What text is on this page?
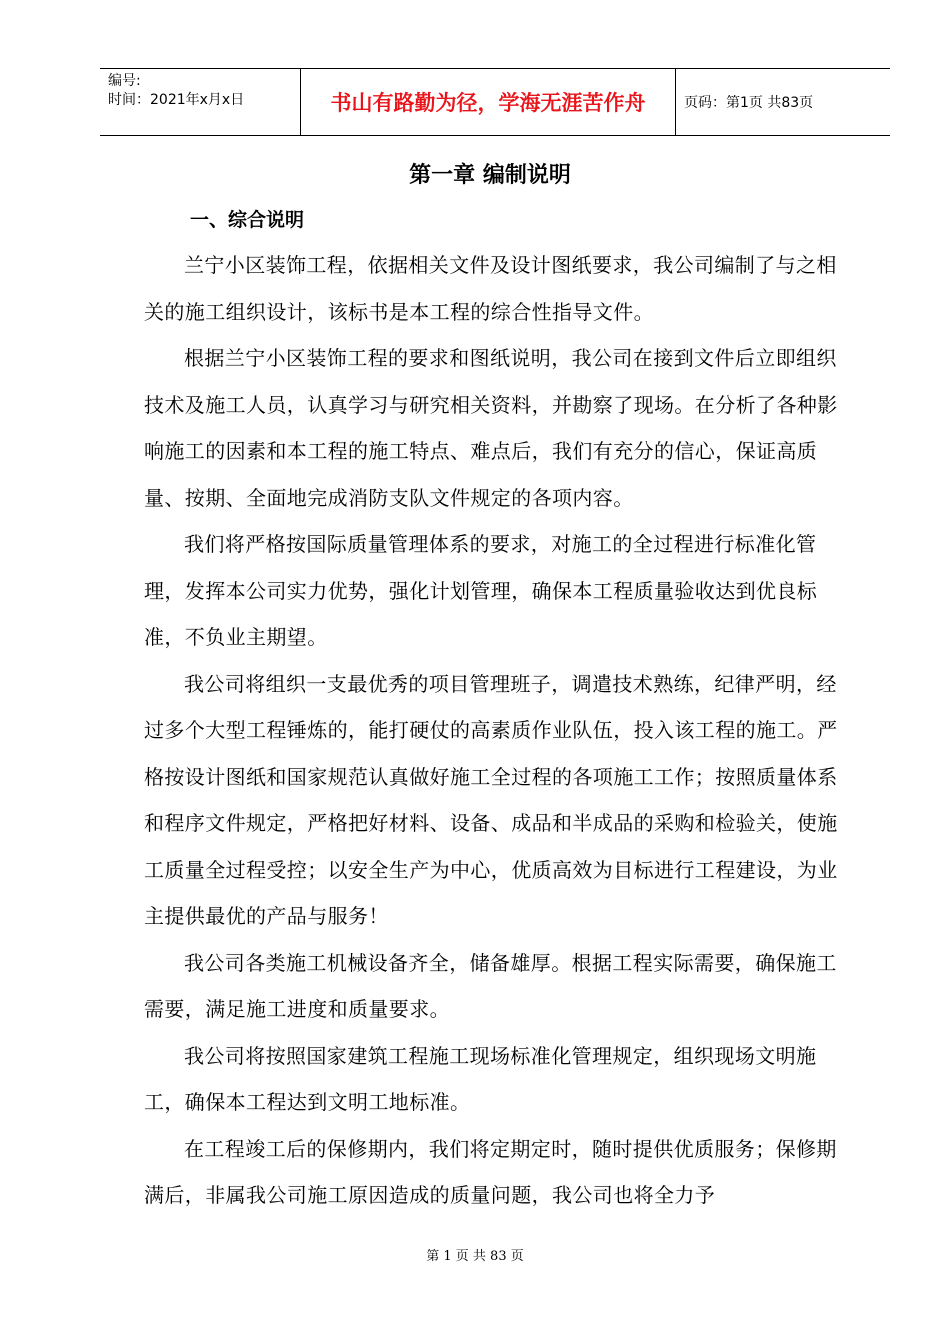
编号:
时间：2021年x月x日	书山有路勤为径，学海无涯苦作舟	页码：第1页 共83页
第一章 编制说明
一、综合说明

兰宁小区装饰工程，依据相关文件及设计图纸要求，我公司编制了与之相关的施工组织设计，该标书是本工程的综合性指导文件。

根据兰宁小区装饰工程的要求和图纸说明，我公司在接到文件后立即组织技术及施工人员，认真学习与研究相关资料，并勘察了现场。在分析了各种影响施工的因素和本工程的施工特点、难点后，我们有充分的信心，保证高质量、按期、全面地完成消防支队文件规定的各项内容。

我们将严格按国际质量管理体系的要求，对施工的全过程进行标准化管理，发挥本公司实力优势，强化计划管理，确保本工程质量验收达到优良标准，不负业主期望。

我公司将组织一支最优秀的项目管理班子，调遣技术熟练，纪律严明，经过多个大型工程锤炼的，能打硬仗的高素质作业队伍，投入该工程的施工。严格按设计图纸和国家规范认真做好施工全过程的各项施工工作；按照质量体系和程序文件规定，严格把好材料、设备、成品和半成品的采购和检验关，使施工质量全过程受控；以安全生产为中心，优质高效为目标进行工程建设，为业主提供最优的产品与服务！

我公司各类施工机械设备齐全，储备雄厚。根据工程实际需要，确保施工需要，满足施工进度和质量要求。

我公司将按照国家建筑工程施工现场标准化管理规定，组织现场文明施工，确保本工程达到文明工地标准。

在工程竣工后的保修期内，我们将定期定时，随时提供优质服务；保修期满后，非属我公司施工原因造成的质量问题，我公司也将全力予

第 1 页 共 83 页
